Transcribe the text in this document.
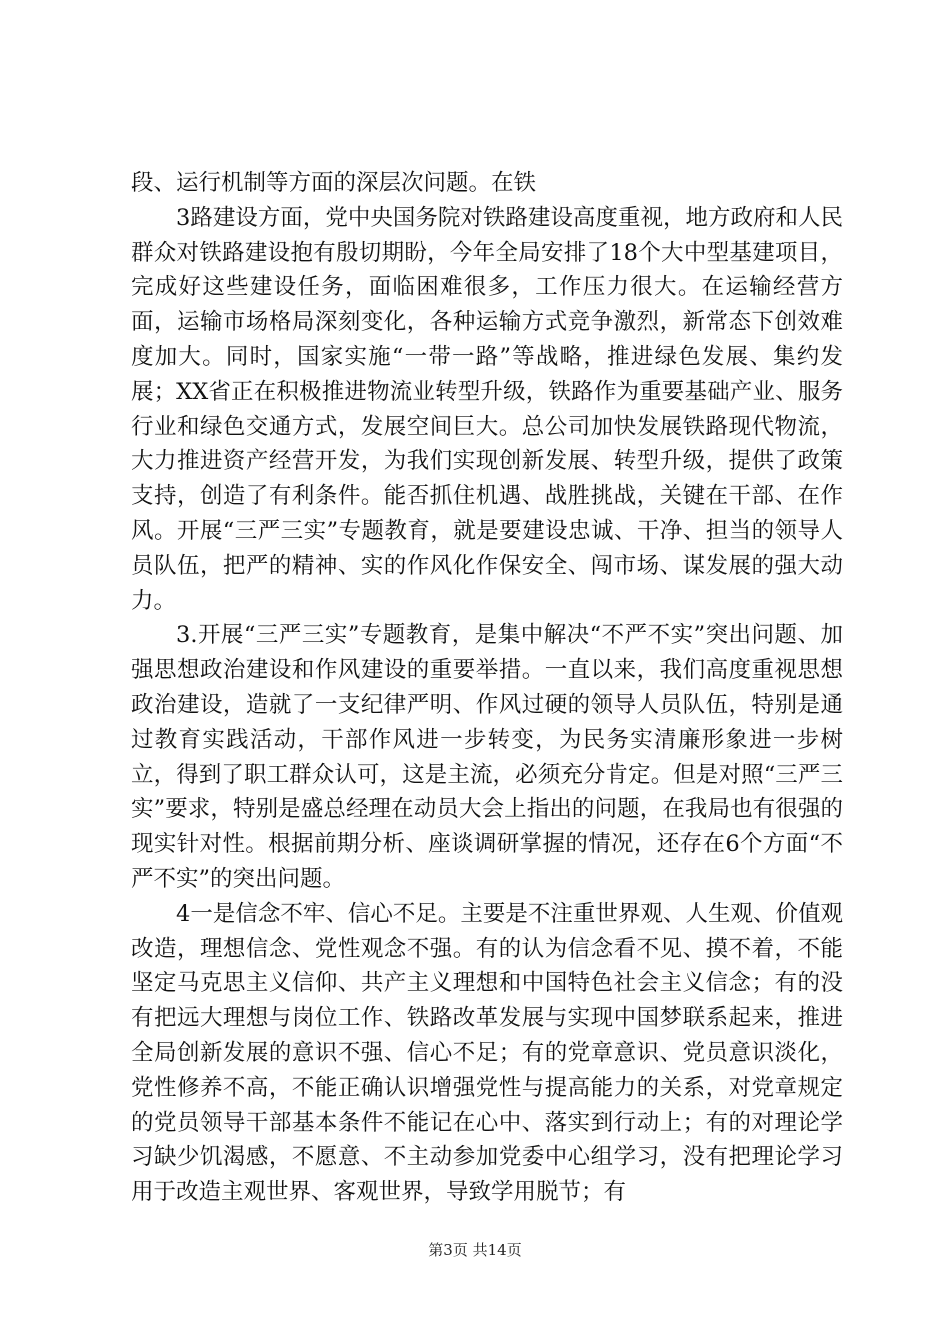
段、运行机制等方面的深层次问题。在铁

3路建设方面，党中央国务院对铁路建设高度重视，地方政府和人民群众对铁路建设抱有殷切期盼，今年全局安排了18个大中型基建项目，完成好这些建设任务，面临困难很多，工作压力很大。在运输经营方面，运输市场格局深刻变化，各种运输方式竞争激烈，新常态下创效难度加大。同时，国家实施“一带一路”等战略，推进绿色发展、集约发展；XX省正在积极推进物流业转型升级，铁路作为重要基础产业、服务行业和绿色交通方式，发展空间巨大。总公司加快发展铁路现代物流，大力推进资产经营开发，为我们实现创新发展、转型升级，提供了政策支持，创造了有利条件。能否抓住机遇、战胜挑战，关键在干部、在作风。开展“三严三实”专题教育，就是要建设忠诚、干净、担当的领导人员队伍，把严的精神、实的作风化作保安全、闯市场、谋发展的强大动力。

3.开展“三严三实”专题教育，是集中解决“不严不实”突出问题、加强思想政治建设和作风建设的重要举措。一直以来，我们高度重视思想政治建设，造就了一支纪律严明、作风过硬的领导人员队伍，特别是通过教育实践活动，干部作风进一步转变，为民务实清廉形象进一步树立，得到了职工群众认可，这是主流，必须充分肯定。但是对照“三严三实”要求，特别是盛总经理在动员大会上指出的问题，在我局也有很强的现实针对性。根据前期分析、座谈调研掌握的情况，还存在6个方面“不严不实”的突出问题。

4一是信念不牢、信心不足。主要是不注重世界观、人生观、价值观改造，理想信念、党性观念不强。有的认为信念看不见、摸不着，不能坚定马克思主义信仰、共产主义理想和中国特色社会主义信念；有的没有把远大理想与岗位工作、铁路改革发展与实现中国梦联系起来，推进全局创新发展的意识不强、信心不足；有的党章意识、党员意识淡化，党性修养不高，不能正确认识增强党性与提高能力的关系，对党章规定的党员领导干部基本条件不能记在心中、落实到行动上；有的对理论学习缺少饥渴感，不愿意、不主动参加党委中心组学习，没有把理论学习用于改造主观世界、客观世界，导致学用脱节；有

第3页 共14页
